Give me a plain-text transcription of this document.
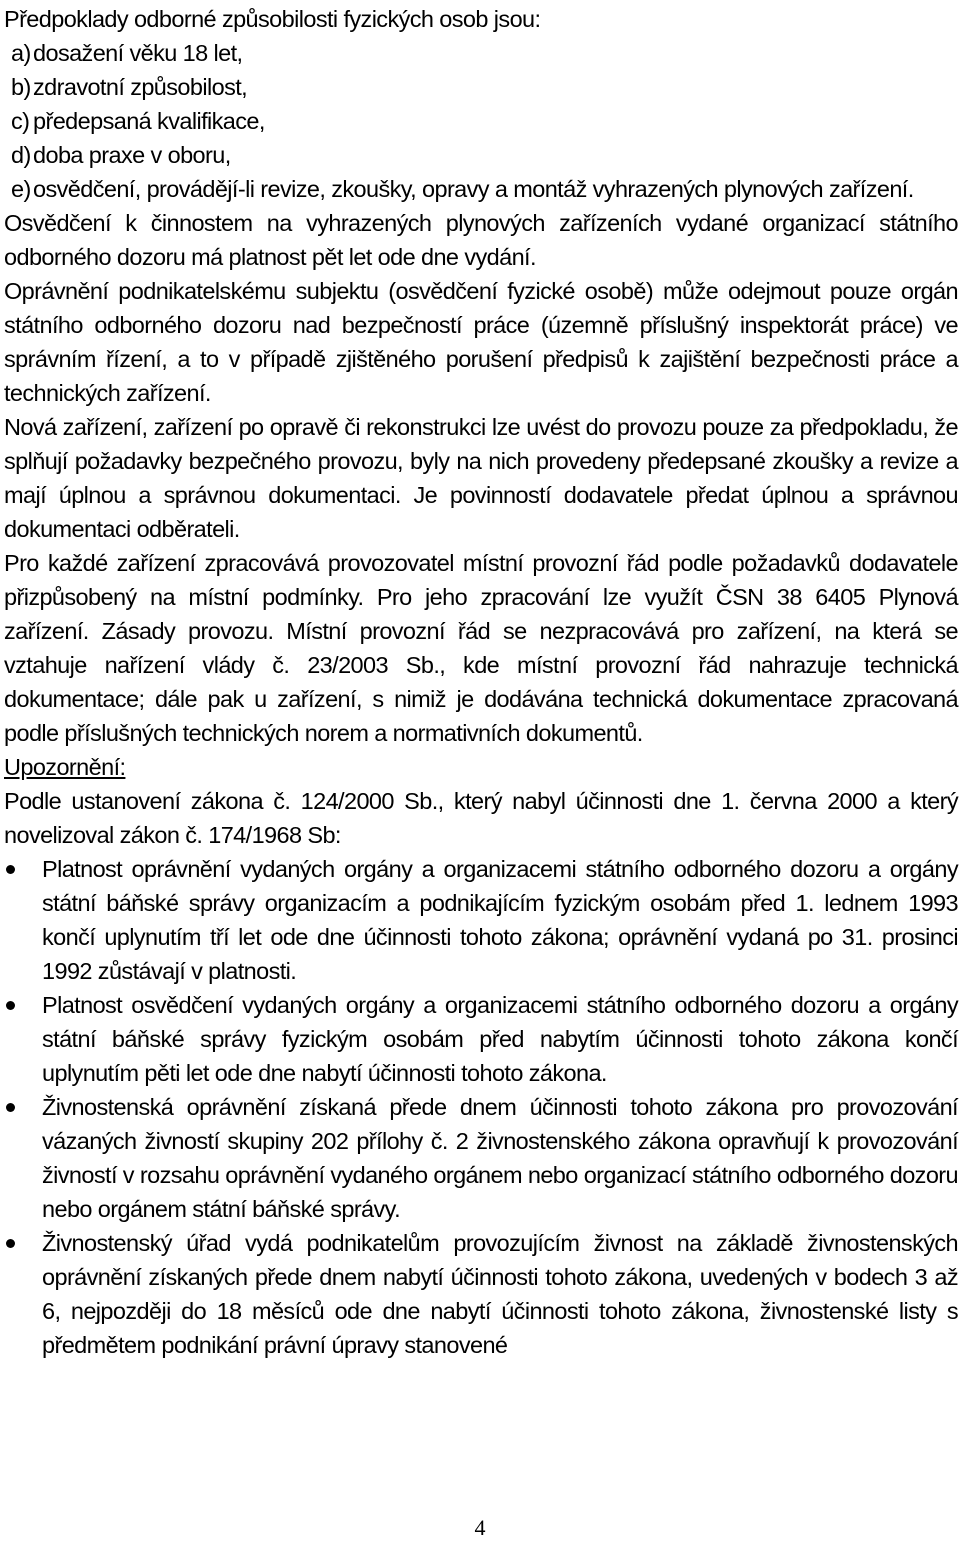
Předpoklady odborné způsobilosti fyzických osob jsou:

a) dosažení věku 18 let,
b) zdravotní způsobilost,
c) předepsaná kvalifikace,
d) doba praxe v oboru,
e) osvědčení, provádějí-li revize, zkoušky, opravy a montáž vyhrazených plynových zařízení.

Osvědčení k činnostem na vyhrazených plynových zařízeních vydané organizací státního odborného dozoru má platnost pět let ode dne vydání.

Oprávnění podnikatelskému subjektu (osvědčení fyzické osobě) může odejmout pouze orgán státního odborného dozoru nad bezpečností práce (územně příslušný inspektorát práce) ve správním řízení, a to v případě zjištěného porušení předpisů k zajištění bezpečnosti práce a technických zařízení.

Nová zařízení, zařízení po opravě či rekonstrukci lze uvést do provozu pouze za předpokladu, že splňují požadavky bezpečného provozu, byly na nich provedeny předepsané zkoušky a revize a mají úplnou a správnou dokumentaci. Je povinností dodavatele předat úplnou a správnou dokumentaci odběrateli.

Pro každé zařízení zpracovává provozovatel místní provozní řád podle požadavků dodavatele přizpůsobený na místní podmínky. Pro jeho zpracování lze využít ČSN 38 6405 Plynová zařízení. Zásady provozu. Místní provozní řád se nezpracovává pro zařízení, na která se vztahuje nařízení vlády č. 23/2003 Sb., kde místní provozní řád nahrazuje technická dokumentace; dále pak u zařízení, s nimiž je dodávána technická dokumentace zpracovaná podle příslušných technických norem a normativních dokumentů.

Upozornění:

Podle ustanovení zákona č. 124/2000 Sb., který nabyl účinnosti dne 1. června 2000 a který novelizoval zákon č. 174/1968 Sb:

Platnost oprávnění vydaných orgány a organizacemi státního odborného dozoru a orgány státní báňské správy organizacím a podnikajícím fyzickým osobám před 1. lednem 1993 končí uplynutím tří let ode dne účinnosti tohoto zákona; oprávnění vydaná po 31. prosinci 1992 zůstávají v platnosti.
Platnost osvědčení vydaných orgány a organizacemi státního odborného dozoru a orgány státní báňské správy fyzickým osobám před nabytím účinnosti tohoto zákona končí uplynutím pěti let ode dne nabytí účinnosti tohoto zákona.
Živnostenská oprávnění získaná přede dnem účinnosti tohoto zákona pro provozování vázaných živností skupiny 202 přílohy č. 2 živnostenského zákona opravňují k provozování živností v rozsahu oprávnění vydaného orgánem nebo organizací státního odborného dozoru nebo orgánem státní báňské správy.
Živnostenský úřad vydá podnikatelům provozujícím živnost na základě živnostenských oprávnění získaných přede dnem nabytí účinnosti tohoto zákona, uvedených v bodech 3 až 6, nejpozději do 18 měsíců ode dne nabytí účinnosti tohoto zákona, živnostenské listy s předmětem podnikání právní úpravy stanovené
4
